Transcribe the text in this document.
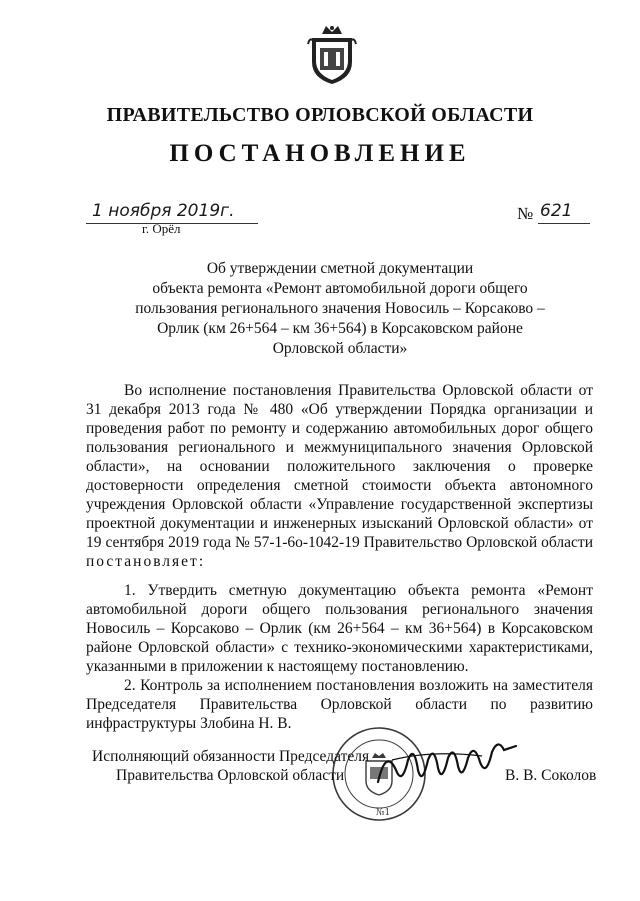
ПРАВИТЕЛЬСТВО ОРЛОВСКОЙ ОБЛАСТИ
ПОСТАНОВЛЕНИЕ
1 ноября 2019г.
г. Орёл
№ 621
Об утверждении сметной документации
объекта ремонта «Ремонт автомобильной дороги общего
пользования регионального значения Новосиль – Корсаково –
Орлик (км 26+564 – км 36+564) в Корсаковском районе
Орловской области»

Во исполнение постановления Правительства Орловской области от 31 декабря 2013 года № 480 «Об утверждении Порядка организации и проведения работ по ремонту и содержанию автомобильных дорог общего пользования регионального и межмуниципального значения Орловской области», на основании положительного заключения о проверке достоверности определения сметной стоимости объекта автономного учреждения Орловской области «Управление государственной экспертизы проектной документации и инженерных изысканий Орловской области» от 19 сентября 2019 года № 57-1-6о-1042-19 Правительство Орловской области постановляет:

1. Утвердить сметную документацию объекта ремонта «Ремонт автомобильной дороги общего пользования регионального значения Новосиль – Корсаково – Орлик (км 26+564 – км 36+564) в Корсаковском районе Орловской области» с технико-экономическими характеристиками, указанными в приложении к настоящему постановлению.

2. Контроль за исполнением постановления возложить на заместителя Председателя Правительства Орловской области по развитию инфраструктуры Злобина Н. В.

№1
Исполняющий обязанности Председателя
Правительства Орловской области	В. В. Соколов
